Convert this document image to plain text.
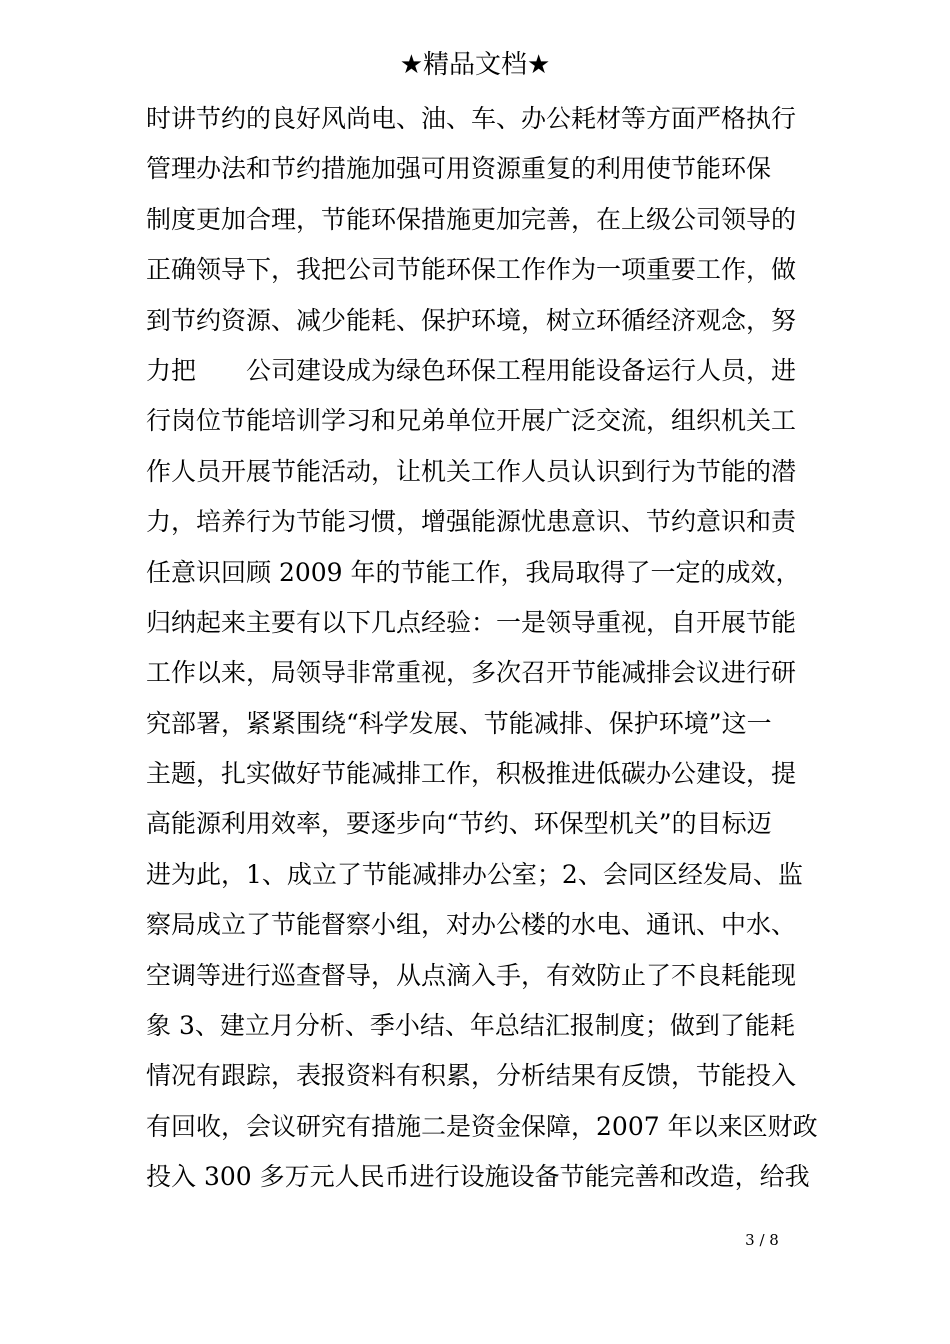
★精品文档★
时讲节约的良好风尚电、油、车、办公耗材等方面严格执行
管理办法和节约措施加强可用资源重复的利用使节能环保
制度更加合理，节能环保措施更加完善，在上级公司领导的
正确领导下，我把公司节能环保工作作为一项重要工作，做
到节约资源、减少能耗、保护环境，树立环循经济观念，努
力把　　公司建设成为绿色环保工程用能设备运行人员，进
行岗位节能培训学习和兄弟单位开展广泛交流，组织机关工
作人员开展节能活动，让机关工作人员认识到行为节能的潜
力，培养行为节能习惯，增强能源忧患意识、节约意识和责
任意识回顾 2009 年的节能工作，我局取得了一定的成效，
归纳起来主要有以下几点经验：一是领导重视，自开展节能
工作以来，局领导非常重视，多次召开节能减排会议进行研
究部署，紧紧围绕“科学发展、节能减排、保护环境”这一
主题，扎实做好节能减排工作，积极推进低碳办公建设，提
高能源利用效率，要逐步向“节约、环保型机关”的目标迈
进为此，1、成立了节能减排办公室；2、会同区经发局、监
察局成立了节能督察小组，对办公楼的水电、通讯、中水、
空调等进行巡查督导，从点滴入手，有效防止了不良耗能现
象 3、建立月分析、季小结、年总结汇报制度；做到了能耗
情况有跟踪，表报资料有积累，分析结果有反馈，节能投入
有回收，会议研究有措施二是资金保障，2007 年以来区财政
投入 300 多万元人民币进行设施设备节能完善和改造，给我
3 / 8
